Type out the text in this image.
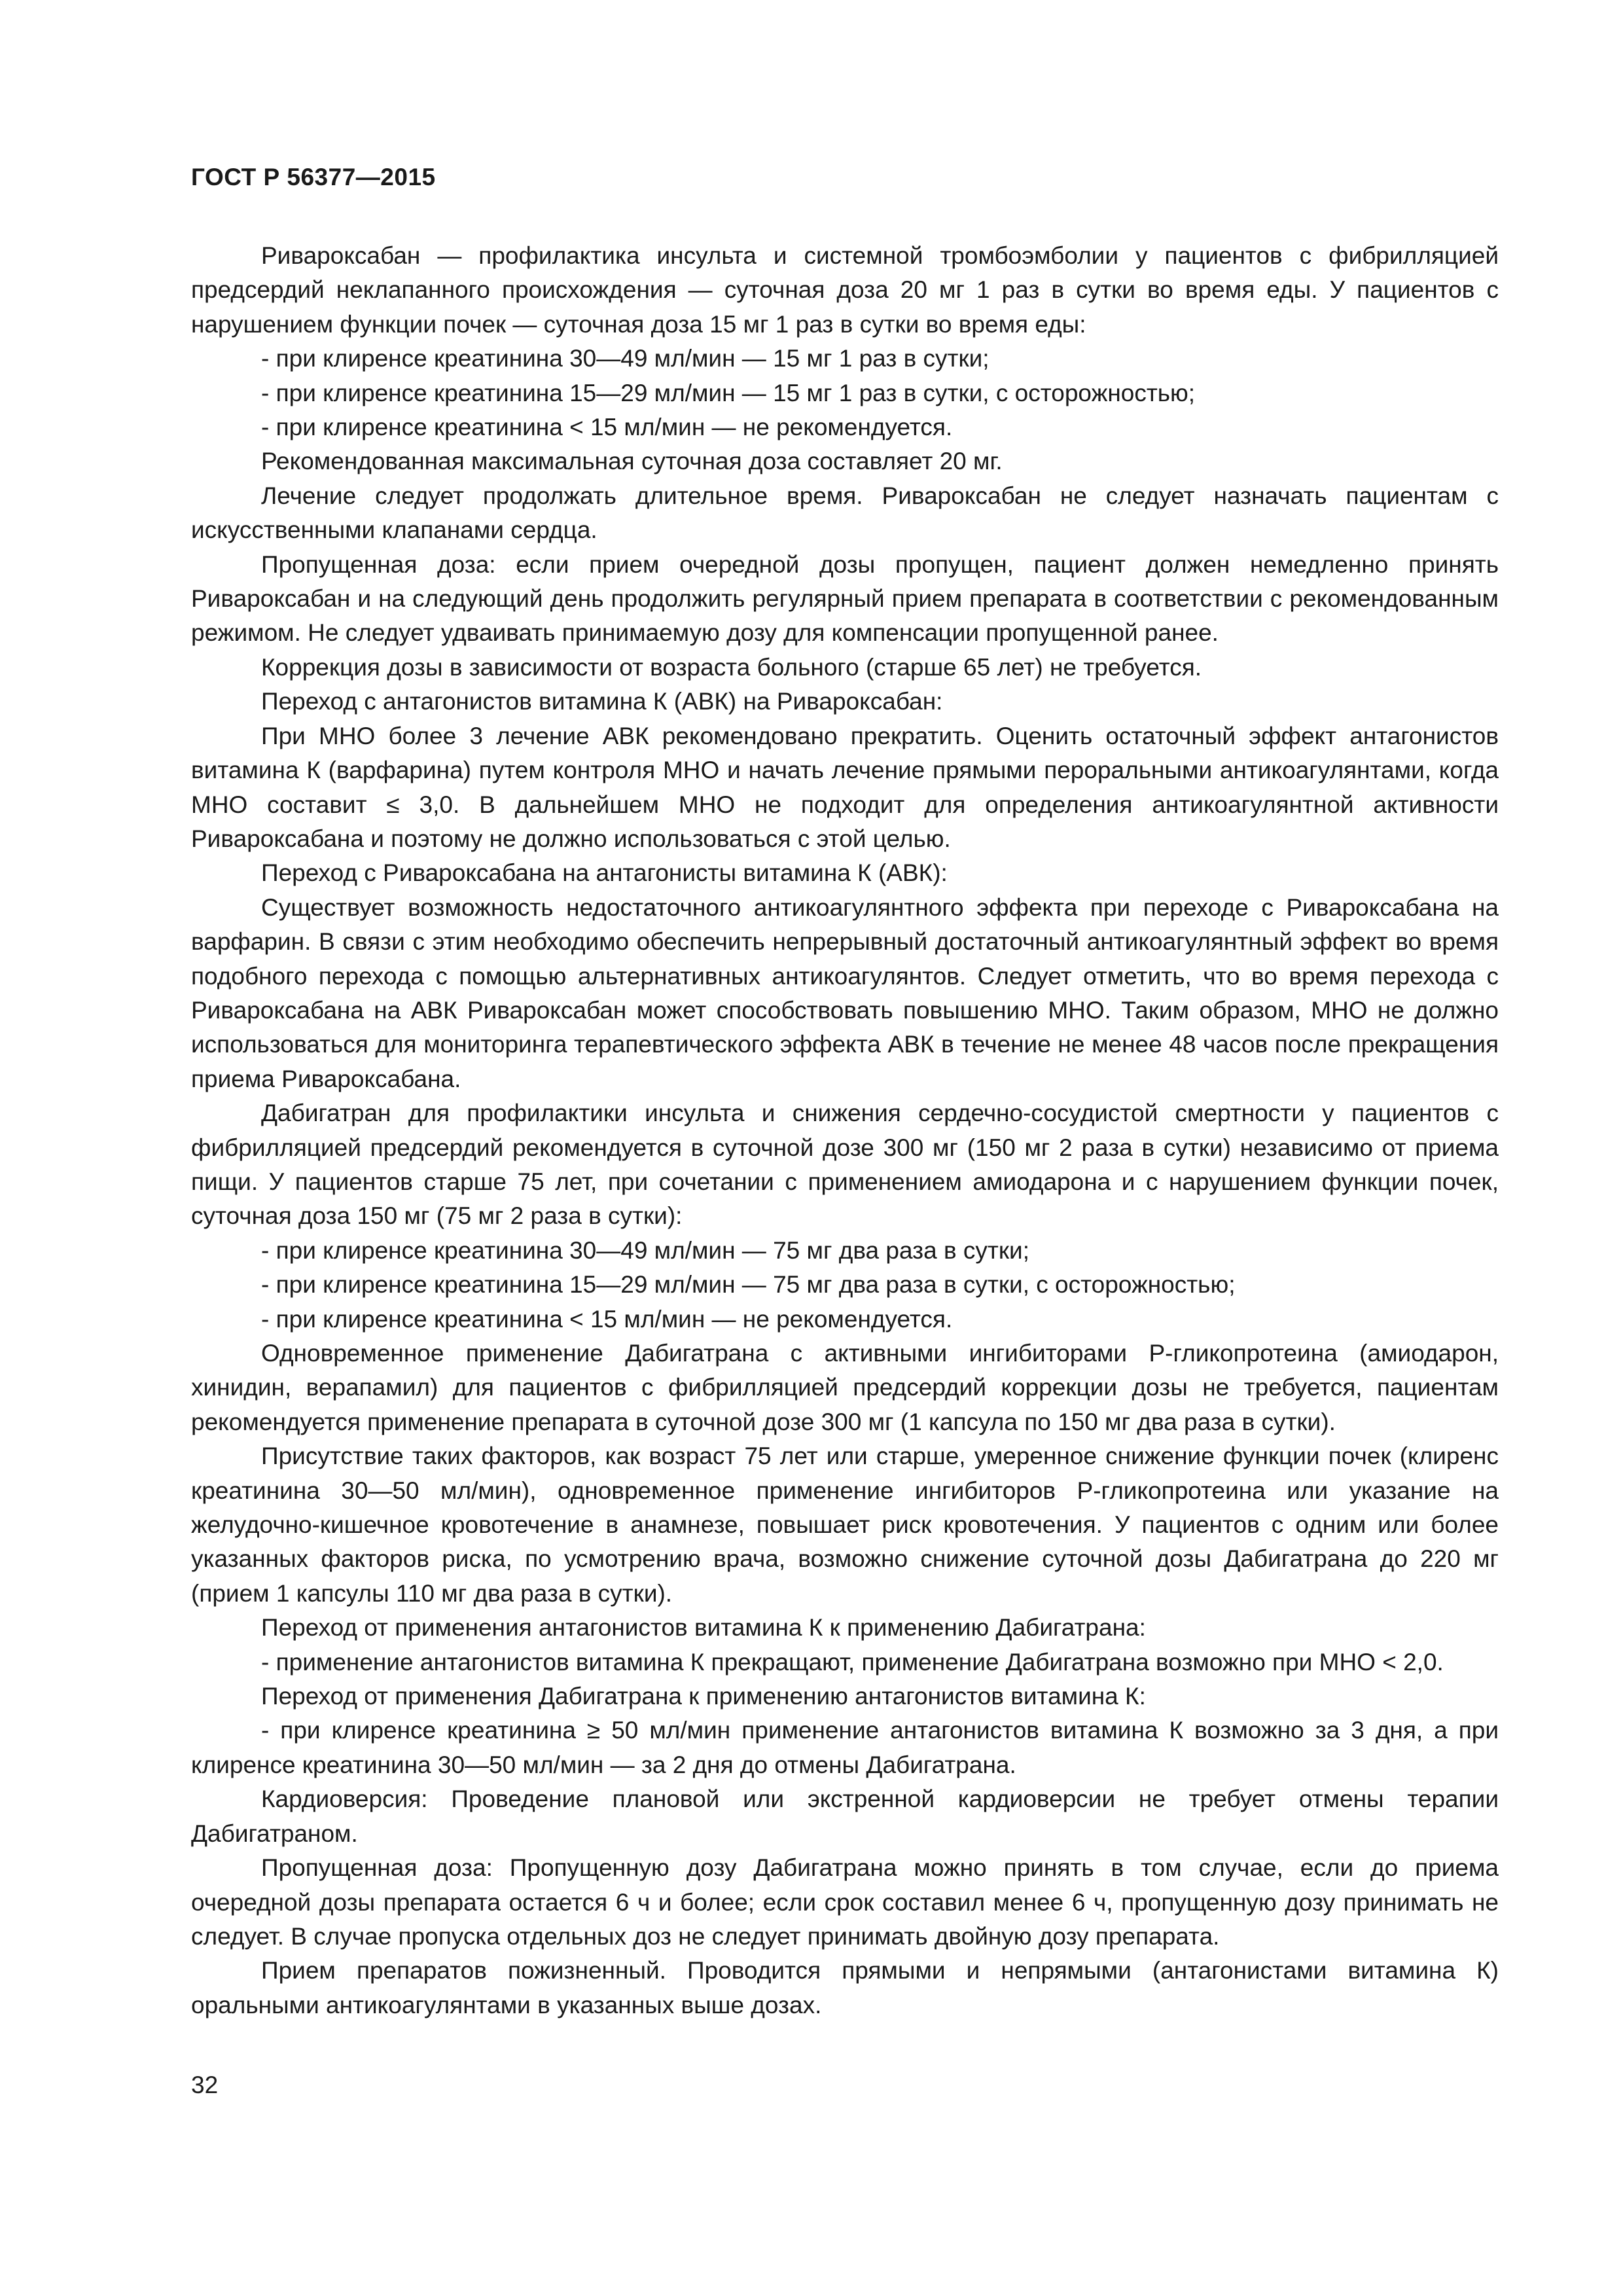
ГОСТ Р 56377—2015

Ривароксабан — профилактика инсульта и системной тромбоэмболии у пациентов с фибрилляцией предсердий неклапанного происхождения — суточная доза 20 мг 1 раз в сутки во время еды. У пациентов с нарушением функции почек — суточная доза 15 мг 1 раз в сутки во время еды:

- при клиренсе креатинина 30—49 мл/мин — 15 мг 1 раз в сутки;

- при клиренсе креатинина 15—29 мл/мин — 15 мг 1 раз в сутки, с осторожностью;

- при клиренсе креатинина < 15 мл/мин — не рекомендуется.

Рекомендованная максимальная суточная доза составляет 20 мг.

Лечение следует продолжать длительное время. Ривароксабан не следует назначать пациентам с искусственными клапанами сердца.

Пропущенная доза: если прием очередной дозы пропущен, пациент должен немедленно принять Ривароксабан и на следующий день продолжить регулярный прием препарата в соответствии с рекомендованным режимом. Не следует удваивать принимаемую дозу для компенсации пропущенной ранее.

Коррекция дозы в зависимости от возраста больного (старше 65 лет) не требуется.

Переход с антагонистов витамина К (АВК) на Ривароксабан:

При МНО более 3 лечение АВК рекомендовано прекратить. Оценить остаточный эффект антагонистов витамина К (варфарина) путем контроля МНО и начать лечение прямыми пероральными антикоагулянтами, когда МНО составит ≤ 3,0. В дальнейшем МНО не подходит для определения антикоагулянтной активности Ривароксабана и поэтому не должно использоваться с этой целью.

Переход с Ривароксабана на антагонисты витамина К (АВК):

Существует возможность недостаточного антикоагулянтного эффекта при переходе с Ривароксабана на варфарин. В связи с этим необходимо обеспечить непрерывный достаточный антикоагулянтный эффект во время подобного перехода с помощью альтернативных антикоагулянтов. Следует отметить, что во время перехода с Ривароксабана на АВК Ривароксабан может способствовать повышению МНО. Таким образом, МНО не должно использоваться для мониторинга терапевтического эффекта АВК в течение не менее 48 часов после прекращения приема Ривароксабана.

Дабигатран для профилактики инсульта и снижения сердечно-сосудистой смертности у пациентов с фибрилляцией предсердий рекомендуется в суточной дозе 300 мг (150 мг 2 раза в сутки) независимо от приема пищи. У пациентов старше 75 лет, при сочетании с применением амиодарона и с нарушением функции почек, суточная доза 150 мг (75 мг 2 раза в сутки):

- при клиренсе креатинина 30—49 мл/мин — 75 мг два раза в сутки;

- при клиренсе креатинина 15—29 мл/мин — 75 мг два раза в сутки, с осторожностью;

- при клиренсе креатинина < 15 мл/мин — не рекомендуется.

Одновременное применение Дабигатрана с активными ингибиторами Р-гликопротеина (амиодарон, хинидин, верапамил) для пациентов с фибрилляцией предсердий коррекции дозы не требуется, пациентам рекомендуется применение препарата в суточной дозе 300 мг (1 капсула по 150 мг два раза в сутки).

Присутствие таких факторов, как возраст 75 лет или старше, умеренное снижение функции почек (клиренс креатинина 30—50 мл/мин), одновременное применение ингибиторов Р-гликопротеина или указание на желудочно-кишечное кровотечение в анамнезе, повышает риск кровотечения. У пациентов с одним или более указанных факторов риска, по усмотрению врача, возможно снижение суточной дозы Дабигатрана до 220 мг (прием 1 капсулы 110 мг два раза в сутки).

Переход от применения антагонистов витамина К к применению Дабигатрана:

- применение антагонистов витамина К прекращают, применение Дабигатрана возможно при МНО < 2,0.

Переход от применения Дабигатрана к применению антагонистов витамина К:

- при клиренсе креатинина ≥ 50 мл/мин применение антагонистов витамина К возможно за 3 дня, а при клиренсе креатинина 30—50 мл/мин — за 2 дня до отмены Дабигатрана.

Кардиоверсия: Проведение плановой или экстренной кардиоверсии не требует отмены терапии Дабигатраном.

Пропущенная доза: Пропущенную дозу Дабигатрана можно принять в том случае, если до приема очередной дозы препарата остается 6 ч и более; если срок составил менее 6 ч, пропущенную дозу принимать не следует. В случае пропуска отдельных доз не следует принимать двойную дозу препарата.

Прием препаратов пожизненный. Проводится прямыми и непрямыми (антагонистами витамина К) оральными антикоагулянтами в указанных выше дозах.

32
